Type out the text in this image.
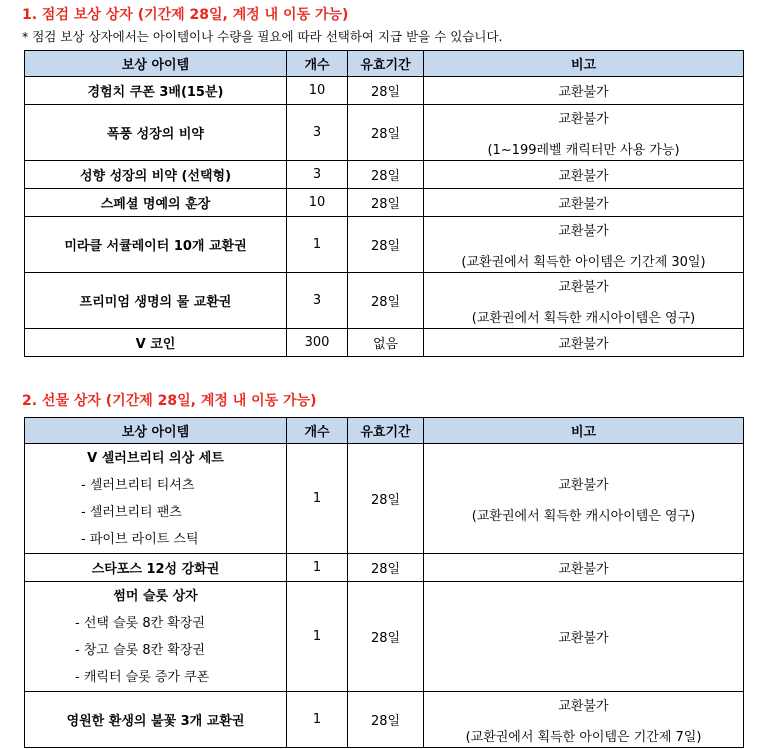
1. 점검 보상 상자 (기간제 28일, 계정 내 이동 가능)
* 점검 보상 상자에서는 아이템이나 수량을 필요에 따라 선택하여 지급 받을 수 있습니다.
보상 아이템	개수	유효기간	비고
경험치 쿠폰 3배(15분)	10	28일	교환불가
폭풍 성장의 비약	3	28일	교환불가
(1~199레벨 캐릭터만 사용 가능)

성향 성장의 비약 (선택형)	3	28일	교환불가
스페셜 명예의 훈장	10	28일	교환불가
미라클 서큘레이터 10개 교환권	1	28일	교환불가
(교환권에서 획득한 아이템은 기간제 30일)

프리미엄 생명의 물 교환권	3	28일	교환불가
(교환권에서 획득한 캐시아이템은 영구)

V 코인	300	없음	교환불가
2. 선물 상자 (기간제 28일, 계정 내 이동 가능)
보상 아이템	개수	유효기간	비고

V 셀러브리티 의상 세트
- 셀러브리티 티셔츠
- 셀러브리티 팬츠
- 파이브 라이트 스틱	1	28일	교환불가
(교환권에서 획득한 캐시아이템은 영구)

스타포스 12성 강화권	1	28일	교환불가

썸머 슬롯 상자
- 선택 슬롯 8칸 확장권
- 창고 슬롯 8칸 확장권
- 캐릭터 슬롯 증가 쿠폰	1	28일	교환불가
영원한 환생의 불꽃 3개 교환권	1	28일	교환불가
(교환권에서 획득한 아이템은 기간제 7일)
